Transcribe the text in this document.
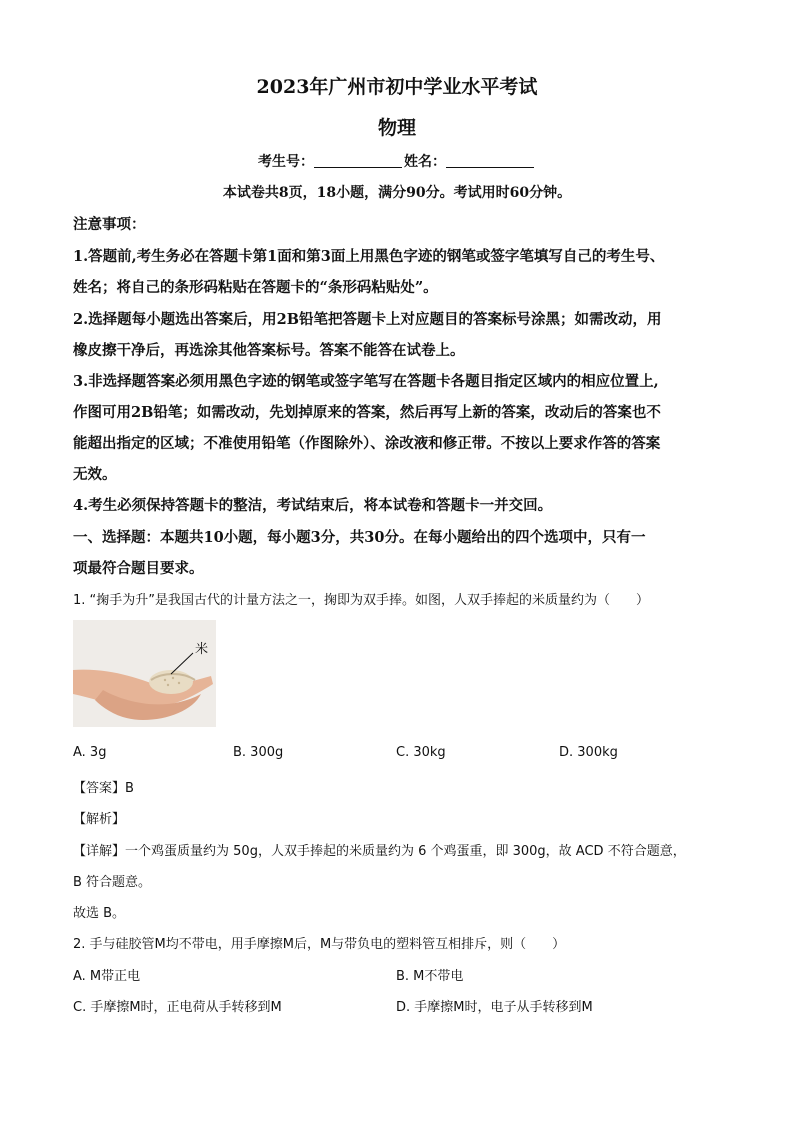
2023年广州市初中学业水平考试
物理
考生号：	姓名：
本试卷共8页，18小题，满分90分。考试用时60分钟。
注意事项：
1.答题前,考生务必在答题卡第1面和第3面上用黑色字迹的钢笔或签字笔填写自己的考生号、
姓名；将自己的条形码粘贴在答题卡的“条形码粘贴处”。
2.选择题每小题选出答案后，用2B铅笔把答题卡上对应题目的答案标号涂黑；如需改动，用
橡皮擦干净后，再选涂其他答案标号。答案不能答在试卷上。
3.非选择题答案必须用黑色字迹的钢笔或签字笔写在答题卡各题目指定区域内的相应位置上,
作图可用2B铅笔；如需改动，先划掉原来的答案，然后再写上新的答案，改动后的答案也不
能超出指定的区域；不准使用铅笔（作图除外）、涂改液和修正带。不按以上要求作答的答案
无效。
4.考生必须保持答题卡的整洁，考试结束后，将本试卷和答题卡一并交回。
一、选择题：本题共10小题，每小题3分，共30分。在每小题给出的四个选项中，只有一
项最符合题目要求。
1. “掬手为升”是我国古代的计量方法之一，掬即为双手捧。如图，人双手捧起的米质量约为（　　）
米
A. 3g	B. 300g	C. 30kg	D. 300kg
【答案】B
【解析】
【详解】一个鸡蛋质量约为 50g，人双手捧起的米质量约为 6 个鸡蛋重，即 300g，故 ACD 不符合题意，
B 符合题意。
故选 B。
2. 手与硅胶管M均不带电，用手摩擦M后，M与带负电的塑料管互相排斥，则（　　）
A. M带正电	B. M不带电
C. 手摩擦M时，正电荷从手转移到M	D. 手摩擦M时，电子从手转移到M
